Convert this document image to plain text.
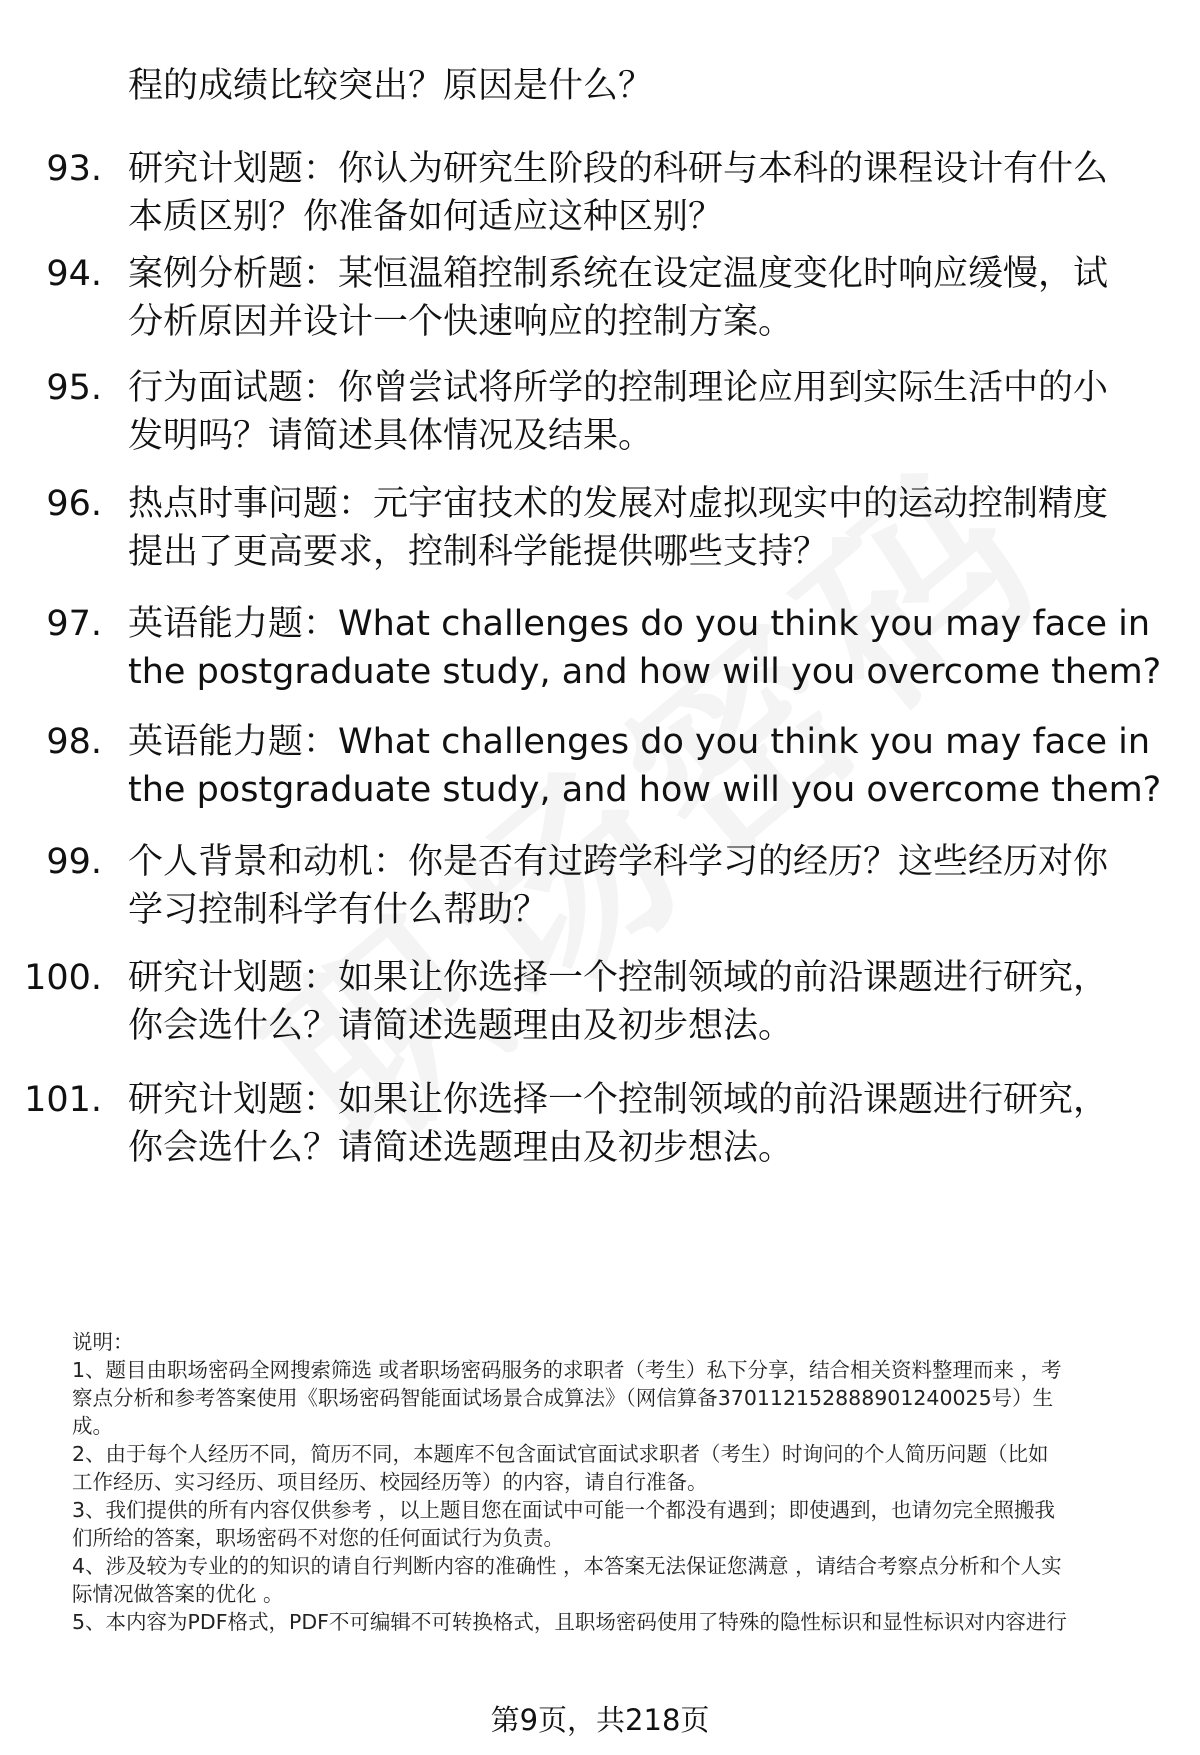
程的成绩比较突出？原因是什么？
93. 研究计划题：你认为研究生阶段的科研与本科的课程设计有什么
本质区别？你准备如何适应这种区别？
94. 案例分析题：某恒温箱控制系统在设定温度变化时响应缓慢，试
分析原因并设计一个快速响应的控制方案。
95. 行为面试题：你曾尝试将所学的控制理论应用到实际生活中的小
发明吗？请简述具体情况及结果。
96. 热点时事问题：元宇宙技术的发展对虚拟现实中的运动控制精度
提出了更高要求，控制科学能提供哪些支持？
97. 英语能力题：What challenges do you think you may face in
the postgraduate study, and how will you overcome them?
98. 英语能力题：What challenges do you think you may face in
the postgraduate study, and how will you overcome them?
99. 个人背景和动机：你是否有过跨学科学习的经历？这些经历对你
学习控制科学有什么帮助？
100. 研究计划题：如果让你选择一个控制领域的前沿课题进行研究，
你会选什么？请简述选题理由及初步想法。
101. 研究计划题：如果让你选择一个控制领域的前沿课题进行研究，
你会选什么？请简述选题理由及初步想法。
说明：
1、题目由职场密码全网搜索筛选 或者职场密码服务的求职者（考生）私下分享，结合相关资料整理而来 ，考
察点分析和参考答案使用《职场密码智能面试场景合成算法》（网信算备370112152888901240025号）生
成。
2、由于每个人经历不同，简历不同，本题库不包含面试官面试求职者（考生）时询问的个人简历问题（比如
工作经历、实习经历、项目经历、校园经历等）的内容，请自行准备。
3、我们提供的所有内容仅供参考 ，以上题目您在面试中可能一个都没有遇到；即使遇到，也请勿完全照搬我
们所给的答案，职场密码不对您的任何面试行为负责。
4、涉及较为专业的的知识的请自行判断内容的准确性 ，本答案无法保证您满意 ，请结合考察点分析和个人实
际情况做答案的优化 。
5、本内容为PDF格式，PDF不可编辑不可转换格式，且职场密码使用了特殊的隐性标识和显性标识对内容进行
第9页，共218页
